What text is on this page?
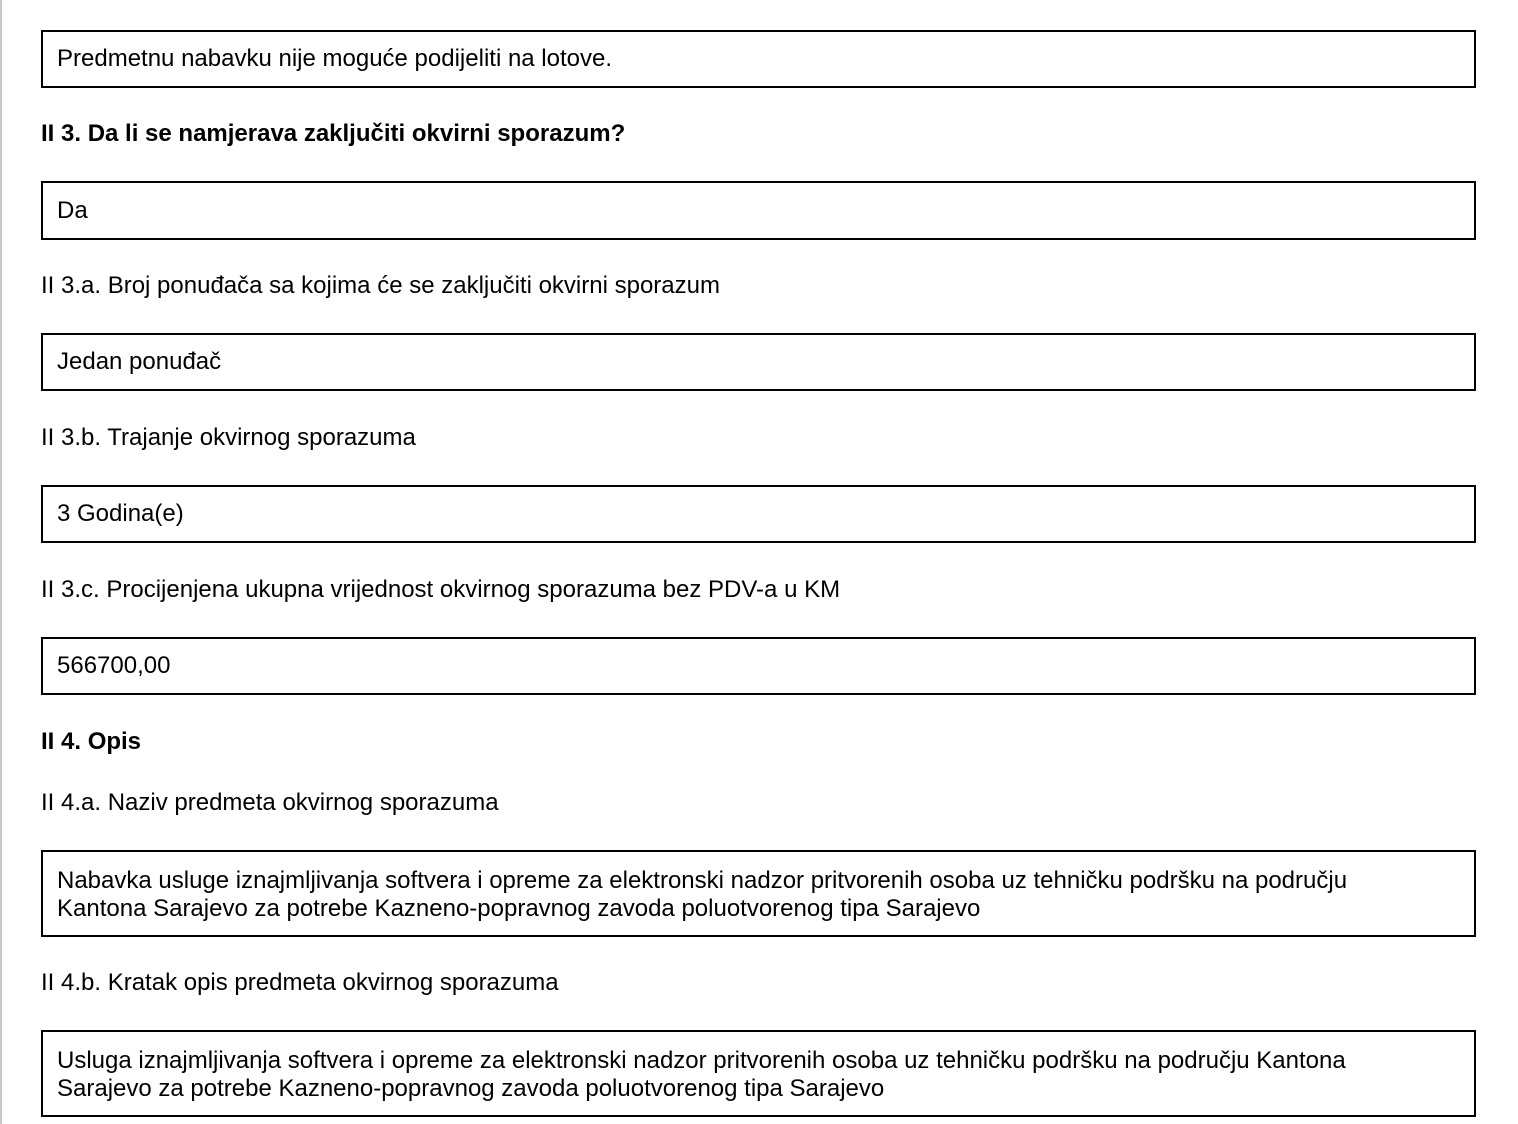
Predmetnu nabavku nije moguće podijeliti na lotove.
II 3. Da li se namjerava zaključiti okvirni sporazum?
Da
II 3.a. Broj ponuđača sa kojima će se zaključiti okvirni sporazum
Jedan ponuđač
II 3.b. Trajanje okvirnog sporazuma
3 Godina(e)
II 3.c. Procijenjena ukupna vrijednost okvirnog sporazuma bez PDV-a u KM
566700,00
II 4. Opis
II 4.a. Naziv predmeta okvirnog sporazuma
Nabavka usluge iznajmljivanja softvera i opreme za elektronski nadzor pritvorenih osoba uz tehničku podršku na području
Kantona Sarajevo za potrebe Kazneno-popravnog zavoda poluotvorenog tipa Sarajevo
II 4.b. Kratak opis predmeta okvirnog sporazuma
Usluga iznajmljivanja softvera i opreme za elektronski nadzor pritvorenih osoba uz tehničku podršku na području Kantona
Sarajevo za potrebe Kazneno-popravnog zavoda poluotvorenog tipa Sarajevo
